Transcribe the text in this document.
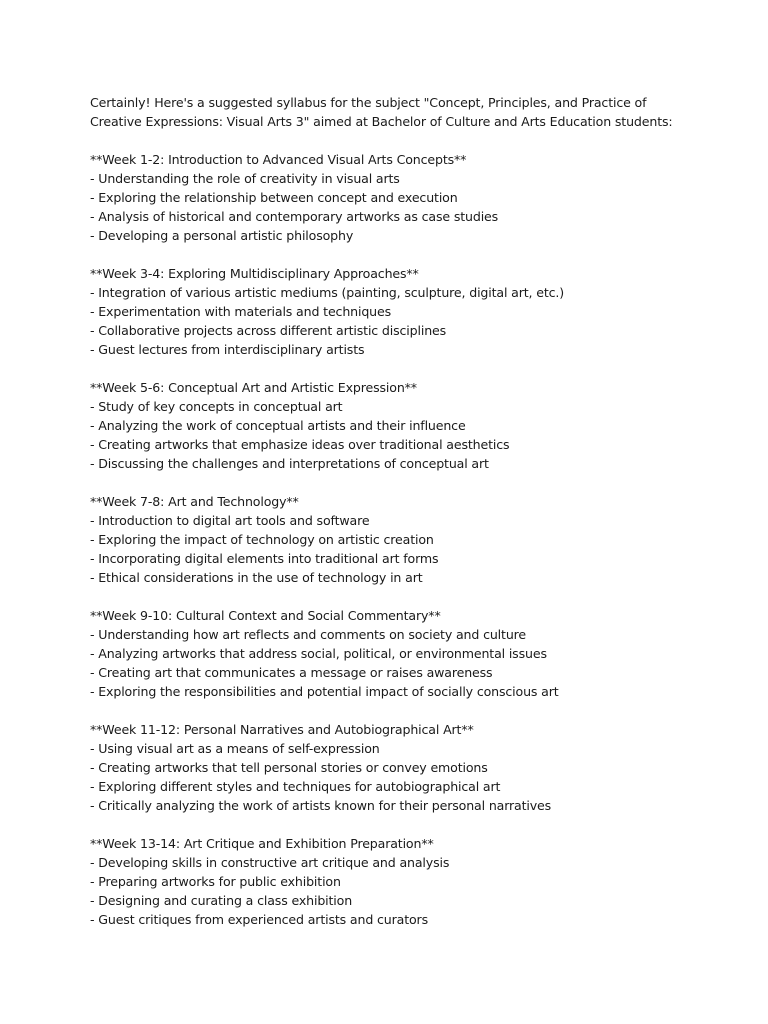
Certainly! Here's a suggested syllabus for the subject "Concept, Principles, and Practice of
Creative Expressions: Visual Arts 3" aimed at Bachelor of Culture and Arts Education students:
**Week 1-2: Introduction to Advanced Visual Arts Concepts**
- Understanding the role of creativity in visual arts
- Exploring the relationship between concept and execution
- Analysis of historical and contemporary artworks as case studies
- Developing a personal artistic philosophy
**Week 3-4: Exploring Multidisciplinary Approaches**
- Integration of various artistic mediums (painting, sculpture, digital art, etc.)
- Experimentation with materials and techniques
- Collaborative projects across different artistic disciplines
- Guest lectures from interdisciplinary artists
**Week 5-6: Conceptual Art and Artistic Expression**
- Study of key concepts in conceptual art
- Analyzing the work of conceptual artists and their influence
- Creating artworks that emphasize ideas over traditional aesthetics
- Discussing the challenges and interpretations of conceptual art
**Week 7-8: Art and Technology**
- Introduction to digital art tools and software
- Exploring the impact of technology on artistic creation
- Incorporating digital elements into traditional art forms
- Ethical considerations in the use of technology in art
**Week 9-10: Cultural Context and Social Commentary**
- Understanding how art reflects and comments on society and culture
- Analyzing artworks that address social, political, or environmental issues
- Creating art that communicates a message or raises awareness
- Exploring the responsibilities and potential impact of socially conscious art
**Week 11-12: Personal Narratives and Autobiographical Art**
- Using visual art as a means of self-expression
- Creating artworks that tell personal stories or convey emotions
- Exploring different styles and techniques for autobiographical art
- Critically analyzing the work of artists known for their personal narratives
**Week 13-14: Art Critique and Exhibition Preparation**
- Developing skills in constructive art critique and analysis
- Preparing artworks for public exhibition
- Designing and curating a class exhibition
- Guest critiques from experienced artists and curators
